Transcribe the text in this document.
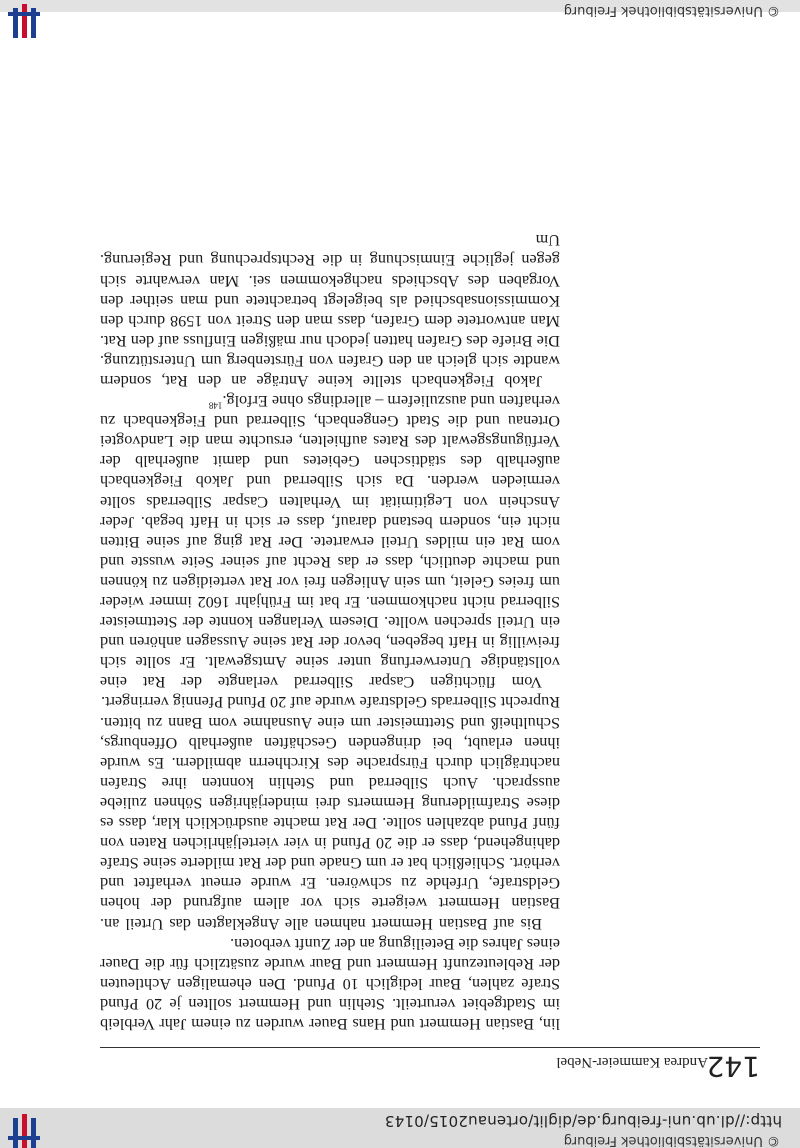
http://dl.ub.uni-freiburg.de/diglit/ortenau2015/0143
© Universitätsbibliothek Freiburg
© Universitätsbibliothek Freiburg
142
Andrea Kammeier-Nebel

lin, Bastian Hemmert und Hans Bauer wurden zu einem Jahr Verbleib im Stadtgebiet verurteilt. Stehlin und Hemmert sollten je 20 Pfund Strafe zahlen, Baur lediglich 10 Pfund. Den ehemaligen Achtleuten der Rebleutezunft Hemmert und Baur wurde zusätzlich für die Dauer eines Jahres die Beteiligung an der Zunft verboten.

Bis auf Bastian Hemmert nahmen alle Angeklagten das Urteil an. Bastian Hemmert weigerte sich vor allem aufgrund der hohen Geldstrafe, Urfehde zu schwören. Er wurde erneut verhaftet und verhört. Schließlich bat er um Gnade und der Rat milderte seine Strafe dahingehend, dass er die 20 Pfund in vier vierteljährlichen Raten von fünf Pfund abzahlen sollte. Der Rat machte ausdrücklich klar, dass es diese Strafmilderung Hemmerts drei minderjährigen Söhnen zuliebe aussprach. Auch Silberrad und Stehlin konnten ihre Strafen nachträglich durch Fürsprache des Kirchherrn abmildern. Es wurde ihnen erlaubt, bei dringenden Geschäften außerhalb Offenburgs, Schultheiß und Stettmeister um eine Ausnahme vom Bann zu bitten. Ruprecht Silberrads Geldstrafe wurde auf 20 Pfund Pfennig verringert.

Vom flüchtigen Caspar Silberrad verlangte der Rat eine vollständige Unterwerfung unter seine Amtsgewalt. Er sollte sich freiwillig in Haft begeben, bevor der Rat seine Aussagen anhören und ein Urteil sprechen wollte. Diesem Verlangen konnte der Stettmeister Silberrad nicht nachkommen. Er bat im Frühjahr 1602 immer wieder um freies Geleit, um sein Anliegen frei vor Rat verteidigen zu können und machte deutlich, dass er das Recht auf seiner Seite wusste und vom Rat ein mildes Urteil erwartete. Der Rat ging auf seine Bitten nicht ein, sondern bestand darauf, dass er sich in Haft begab. Jeder Anschein von Legitimität im Verhalten Caspar Silberrads sollte vermieden werden. Da sich Silberrad und Jakob Fiegkenbach außerhalb des städtischen Gebietes und damit außerhalb der Verfügungsgewalt des Rates aufhielten, ersuchte man die Landvogtei Ortenau und die Stadt Gengenbach, Silberrad und Fiegkenbach zu verhaften und auszuliefern – allerdings ohne Erfolg.$^{148}$

Jakob Fiegkenbach stellte keine Anträge an den Rat, sondern wandte sich gleich an den Grafen von Fürstenberg um Unterstützung. Die Briefe des Grafen hatten jedoch nur mäßigen Einfluss auf den Rat. Man antwortete dem Grafen, dass man den Streit von 1598 durch den Kommissionsabschied als beigelegt betrachtete und man seither den Vorgaben des Abschieds nachgekommen sei. Man verwahrte sich gegen jegliche Einmischung in die Rechtsprechung und Regierung. Um
